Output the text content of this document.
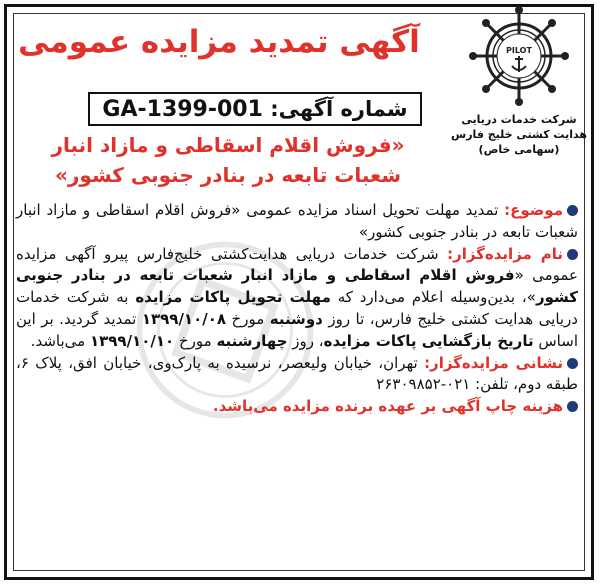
PILOT
شرکت خدمات دریایی
هدایت کشتی خلیج فارس
(سهامی خاص)
آگهی تمدید مزایده عمومی
شماره آگهی:

GA-1399-001
«فروش اقلام اسقاطی و مازاد انبار
شعبات تابعه در بنادر جنوبی کشور»

موضوع: تمدید مهلت تحویل اسناد مزایده عمومی «فروش اقلام اسقاطی و مازاد انبار شعبات تابعه در بنادر جنوبی کشور»

نام مزایده‌گزار: شرکت خدمات دریایی هدایت‌کشتی خلیج‌فارس پیرو آگهی مزایده عمومی «فروش اقلام اسقاطی و مازاد انبار شعبات تابعه در بنادر جنوبی کشور»، بدین‌وسیله اعلام می‌دارد که مهلت تحویل پاکات مزایده به شرکت خدمات دریایی هدایت کشتی خلیج فارس، تا روز دوشنبه مورخ ۱۳۹۹/۱۰/۰۸ تمدید گردید. بر این اساس تاریخ بازگشایی پاکات مزایده، روز چهارشنبه مورخ ۱۳۹۹/۱۰/۱۰ می‌باشد.

نشانی مزایده‌گزار: تهران، خیابان ولیعصر، نرسیده به پارک‌وی، خیابان افق، پلاک ۶، طبقه دوم، تلفن: ۰۲۱-۲۶۳۰۹۸۵۲

هزینه چاپ آگهی بر عهده برنده مزایده می‌باشد.
